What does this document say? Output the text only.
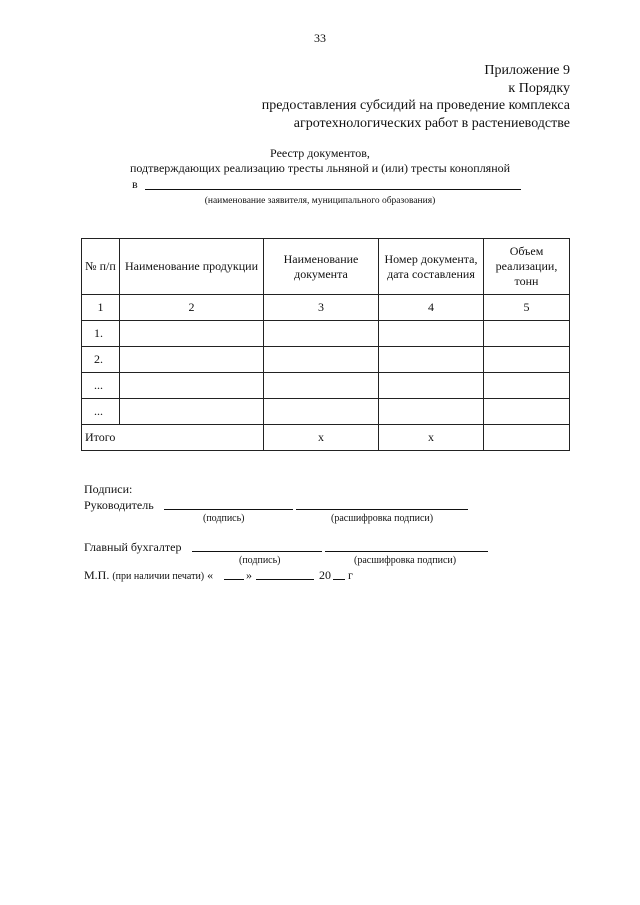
33
Приложение 9
к Порядку
предоставления субсидий на проведение комплекса
агротехнологических работ в растениеводстве
Реестр документов,
подтверждающих реализацию тресты льняной и (или) тресты конопляной
в
(наименование заявителя, муниципального образования)
№ п/п	Наименование продукции	Наименование документа	Номер документа, дата составления	Объем реализации, тонн
1	2	3	4	5
1.				
2.				
...				
...				
Итого		x	x	
Подписи:
Руководитель
(подпись)	(расшифровка подписи)
Главный бухгалтер
(подпись)	(расшифровка подписи)
М.П. (при наличии печати) «	»	20 г
